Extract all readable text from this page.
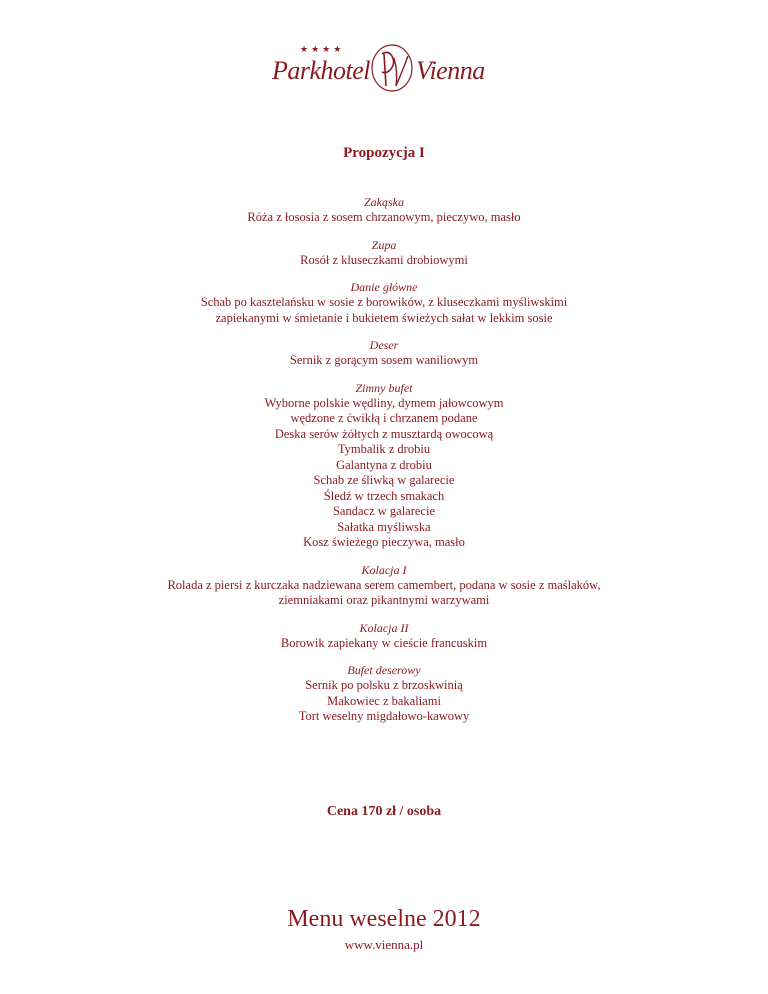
★★★★
Parkhotel Vienna
Propozycja I
Zakąska
Róża z łososia z sosem chrzanowym, pieczywo, masło
Zupa
Rosół z kluseczkami drobiowymi
Danie główne
Schab po kasztelańsku w sosie z borowików, z kluseczkami myśliwskimi
zapiekanymi w śmietanie i bukietem świeżych sałat w lekkim sosie
Deser
Sernik z gorącym sosem waniliowym
Zimny bufet
Wyborne polskie wędliny, dymem jałowcowym
wędzone z ćwikłą i chrzanem podane
Deska serów żółtych z musztardą owocową
Tymbalik z drobiu
Galantyna z drobiu
Schab ze śliwką w galarecie
Śledź w trzech smakach
Sandacz w galarecie
Sałatka myśliwska
Kosz świeżego pieczywa, masło
Kolacja I
Rolada z piersi z kurczaka nadziewana serem camembert, podana w sosie z maślaków,
ziemniakami oraz pikantnymi warzywami
Kolacja II
Borowik zapiekany w cieście francuskim
Bufet deserowy
Sernik po polsku z brzoskwinią
Makowiec z bakaliami
Tort weselny migdałowo-kawowy
Cena 170 zł / osoba
Menu weselne 2012
www.vienna.pl
